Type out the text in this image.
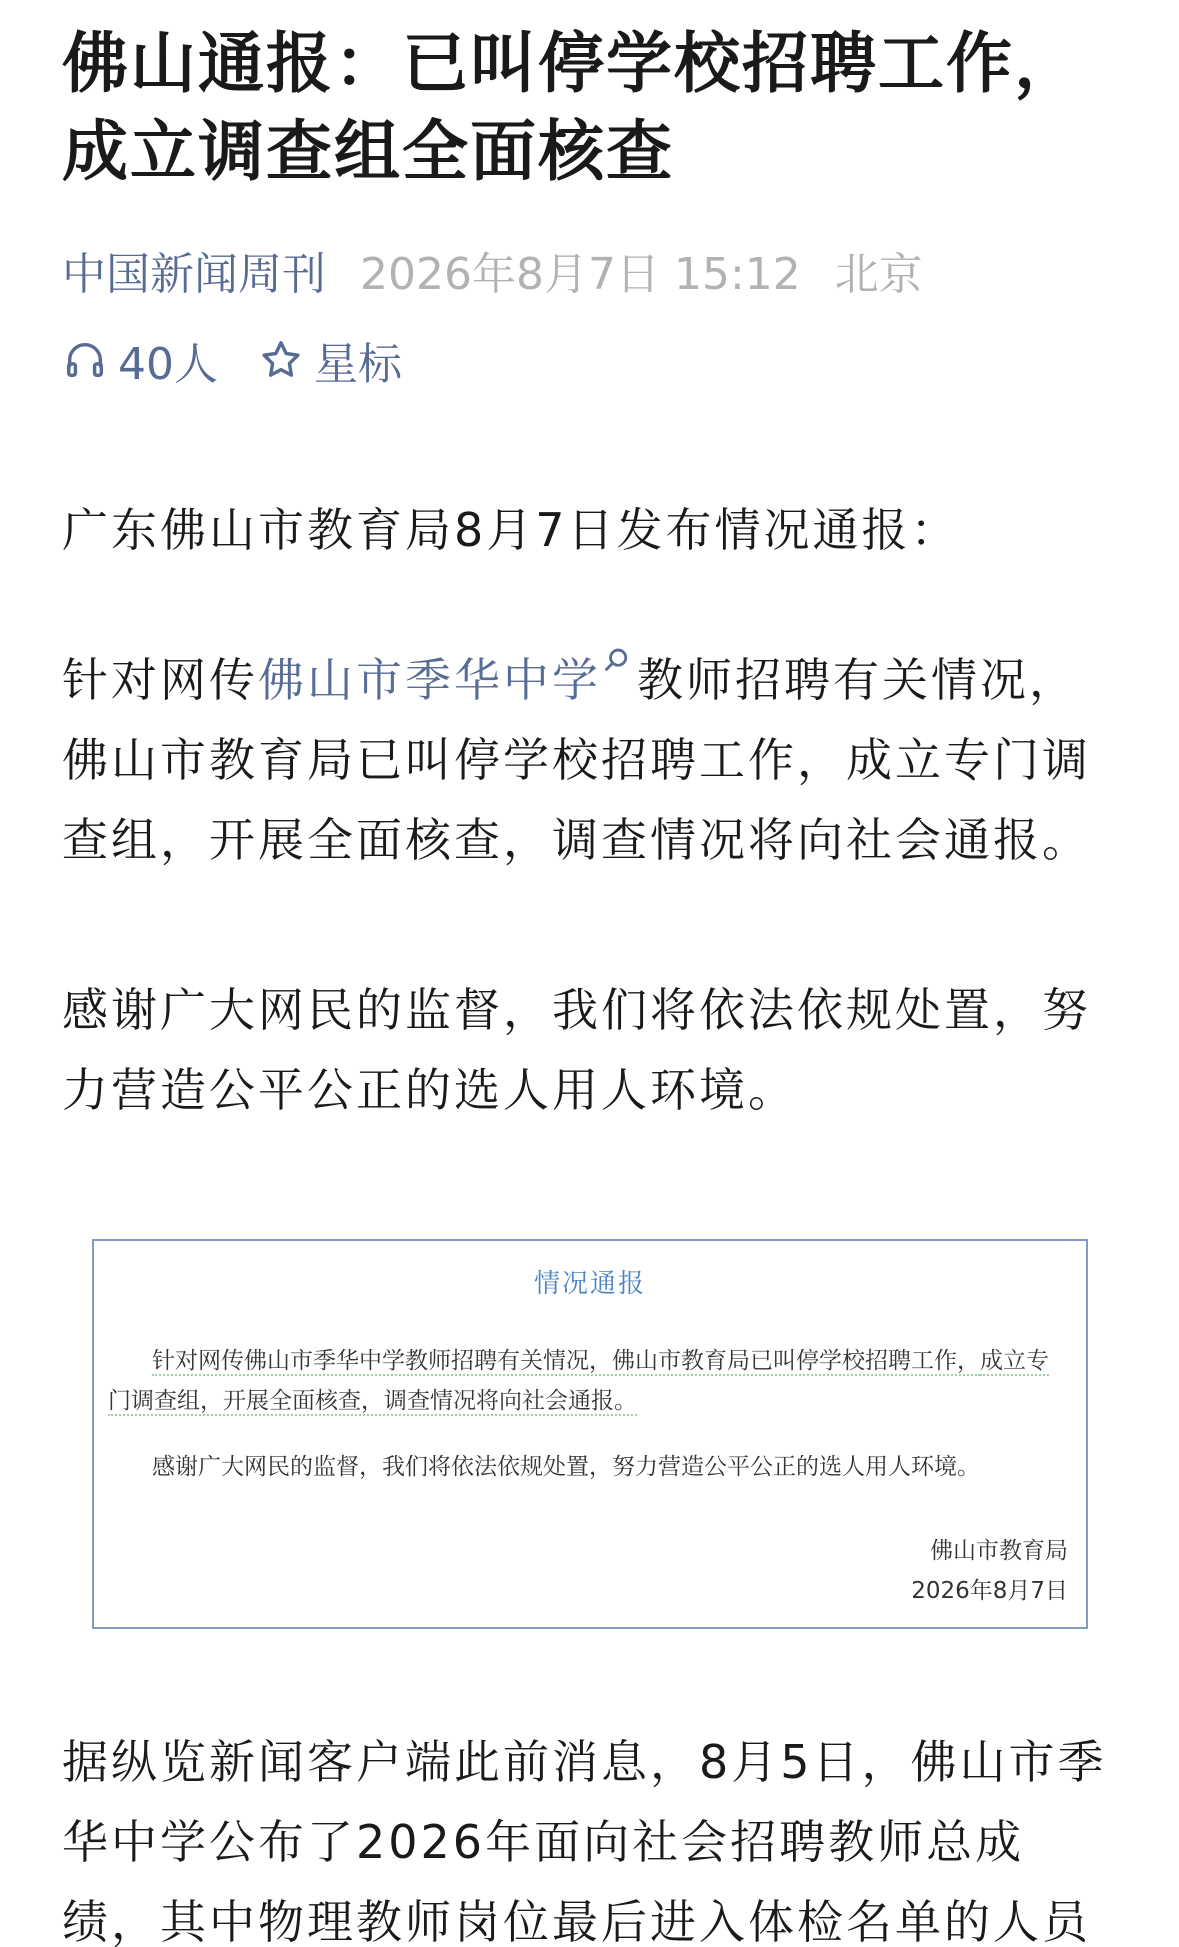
佛山通报：已叫停学校招聘工作，成立调查组全面核查
中国新闻周刊 2026年8月7日 15:12 北京
40人 星标

广东佛山市教育局8月7日发布情况通报：

针对网传佛山市季华中学 教师招聘有关情况，佛山市教育局已叫停学校招聘工作，成立专门调查组，开展全面核查，调查情况将向社会通报。

感谢广大网民的监督，我们将依法依规处置，努力营造公平公正的选人用人环境。

情况通报

针对网传佛山市季华中学教师招聘有关情况，佛山市教育局已叫停学校招聘工作，成立专门调查组，开展全面核查，调查情况将向社会通报。

感谢广大网民的监督，我们将依法依规处置，努力营造公平公正的选人用人环境。

佛山市教育局
2026年8月7日

据纵览新闻客户端此前消息，8月5日，佛山市季华中学公布了2026年面向社会招聘教师总成绩，其中物理教师岗位最后进入体检名单的人员
